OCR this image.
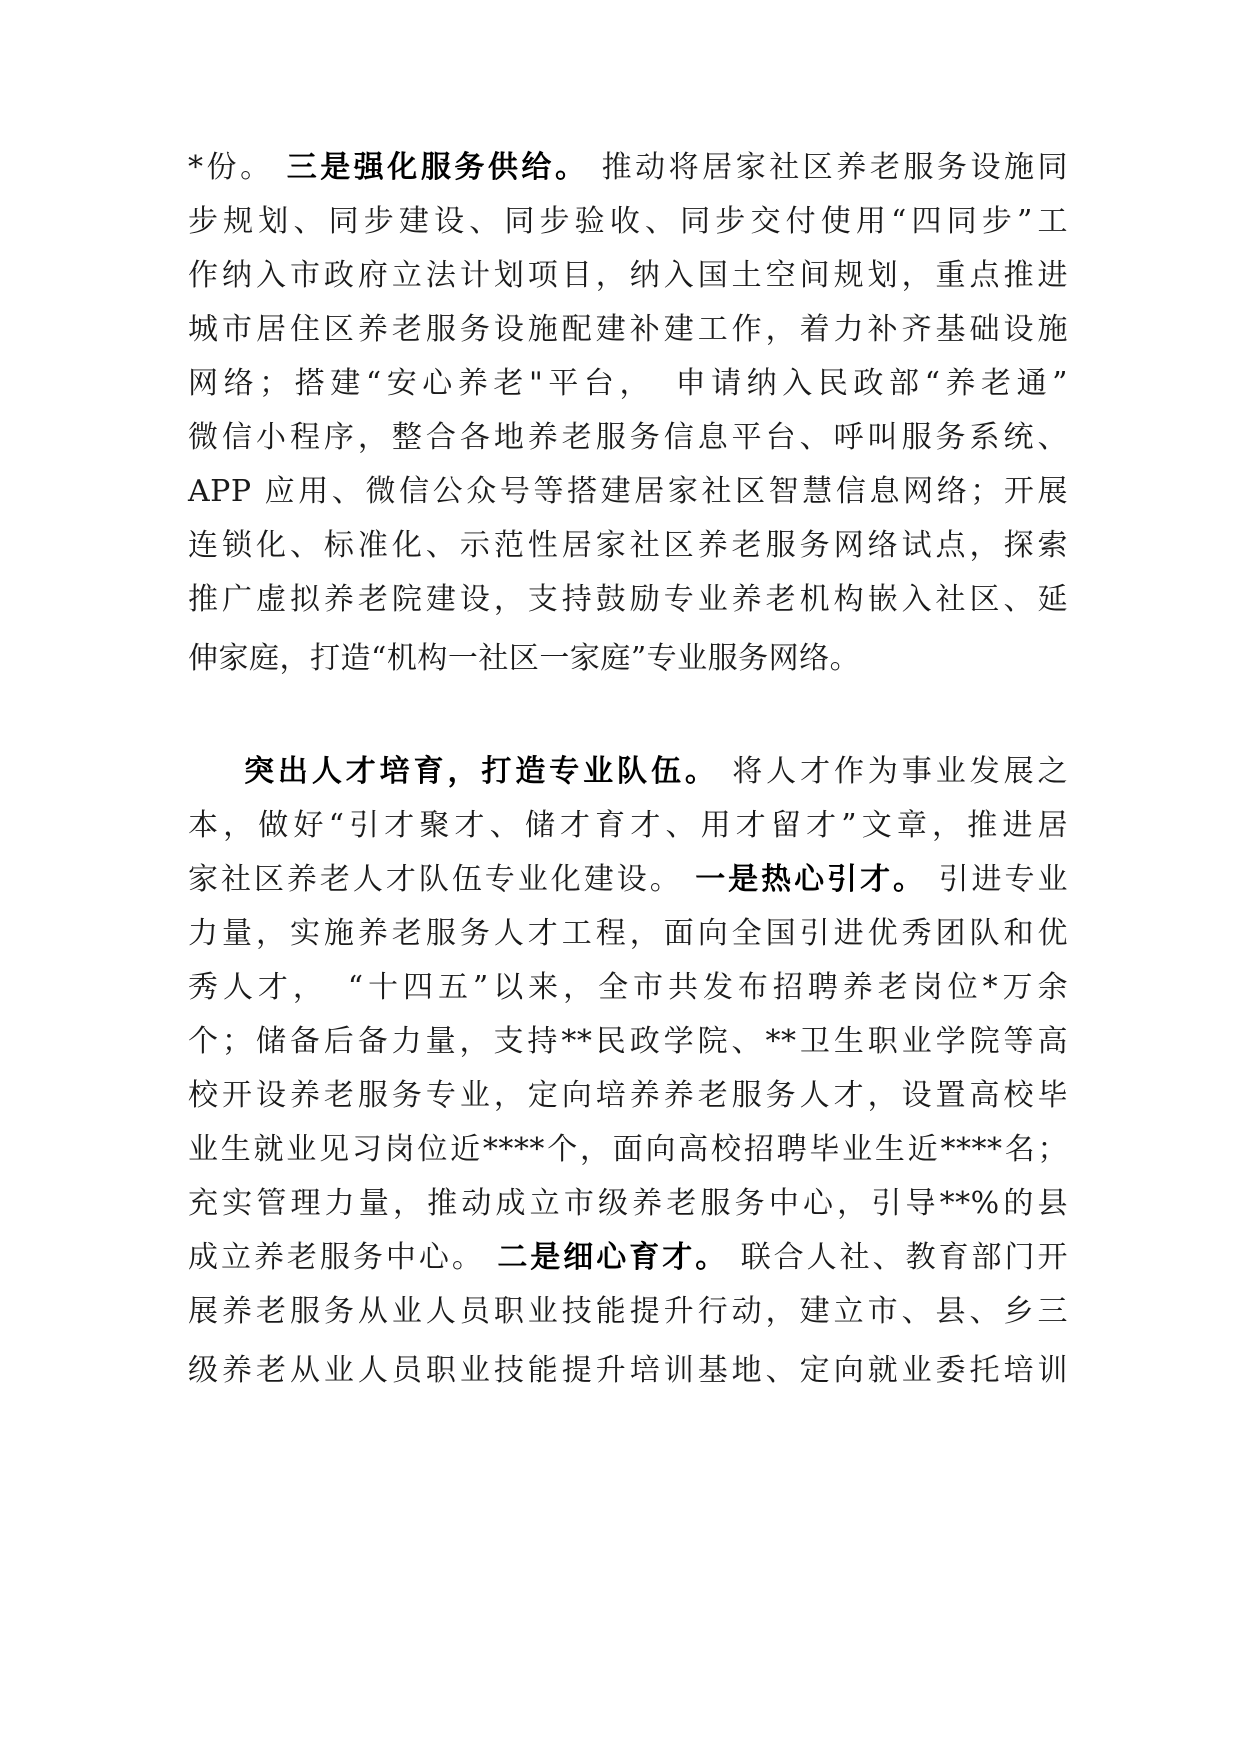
*份。 三是强化服务供给。 推动将居家社区养老服务设施同
步规划、同步建设、同步验收、同步交付使用“四同步”工
作纳入市政府立法计划项目，纳入国土空间规划，重点推进
城市居住区养老服务设施配建补建工作，着力补齐基础设施
网络；搭建“安心养老"平台，　申请纳入民政部“养老通”
微信小程序，整合各地养老服务信息平台、呼叫服务系统、
APP 应用、微信公众号等搭建居家社区智慧信息网络；开展
连锁化、标准化、示范性居家社区养老服务网络试点，探索
推广虚拟养老院建设，支持鼓励专业养老机构嵌入社区、延
伸家庭，打造“机构一社区一家庭”专业服务网络。
突出人才培育，打造专业队伍。 将人才作为事业发展之
本，做好“引才聚才、储才育才、用才留才”文章，推进居
家社区养老人才队伍专业化建设。 一是热心引才。 引进专业
力量，实施养老服务人才工程，面向全国引进优秀团队和优
秀人才，　“十四五”以来，全市共发布招聘养老岗位*万余
个；储备后备力量，支持**民政学院、**卫生职业学院等高
校开设养老服务专业，定向培养养老服务人才，设置高校毕
业生就业见习岗位近****个，面向高校招聘毕业生近****名；
充实管理力量，推动成立市级养老服务中心，引导**%的县
成立养老服务中心。 二是细心育才。 联合人社、教育部门开
展养老服务从业人员职业技能提升行动，建立市、县、乡三
级养老从业人员职业技能提升培训基地、定向就业委托培训
